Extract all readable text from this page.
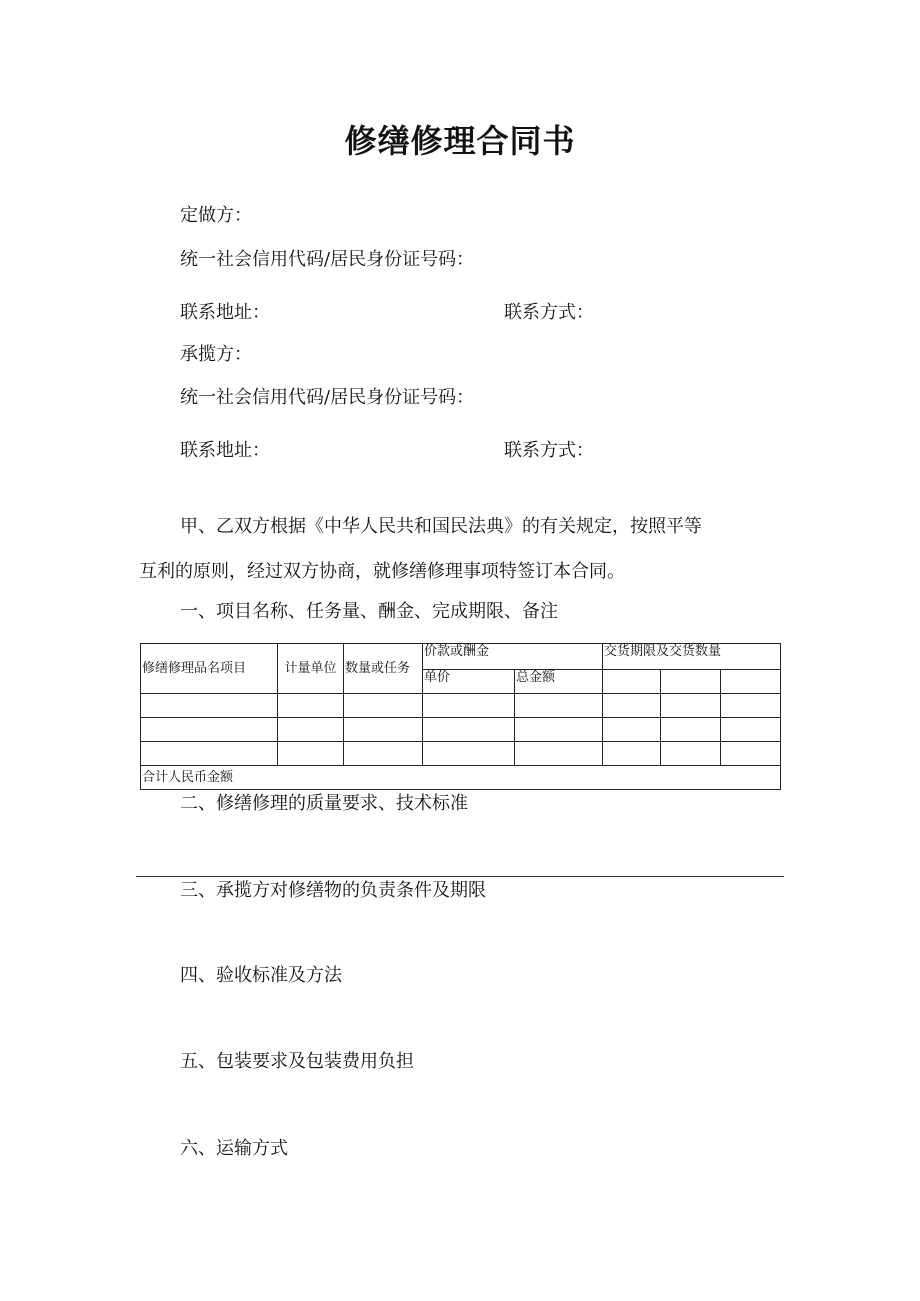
修缮修理合同书
定做方：
统一社会信用代码/居民身份证号码：
联系地址：	联系方式：
承揽方：
统一社会信用代码/居民身份证号码：
联系地址：	联系方式：
甲、乙双方根据《中华人民共和国民法典》的有关规定，按照平等
互利的原则，经过双方协商，就修缮修理事项特签订本合同。
一、项目名称、任务量、酬金、完成期限、备注
修缮修理品名项目	计量单位	数量或任务	价款或酬金		交货期限及交货数量		
			单价	总金额			

合计人民币金额							
二、修缮修理的质量要求、技术标准
三、承揽方对修缮物的负责条件及期限
四、验收标准及方法
五、包装要求及包装费用负担
六、运输方式
